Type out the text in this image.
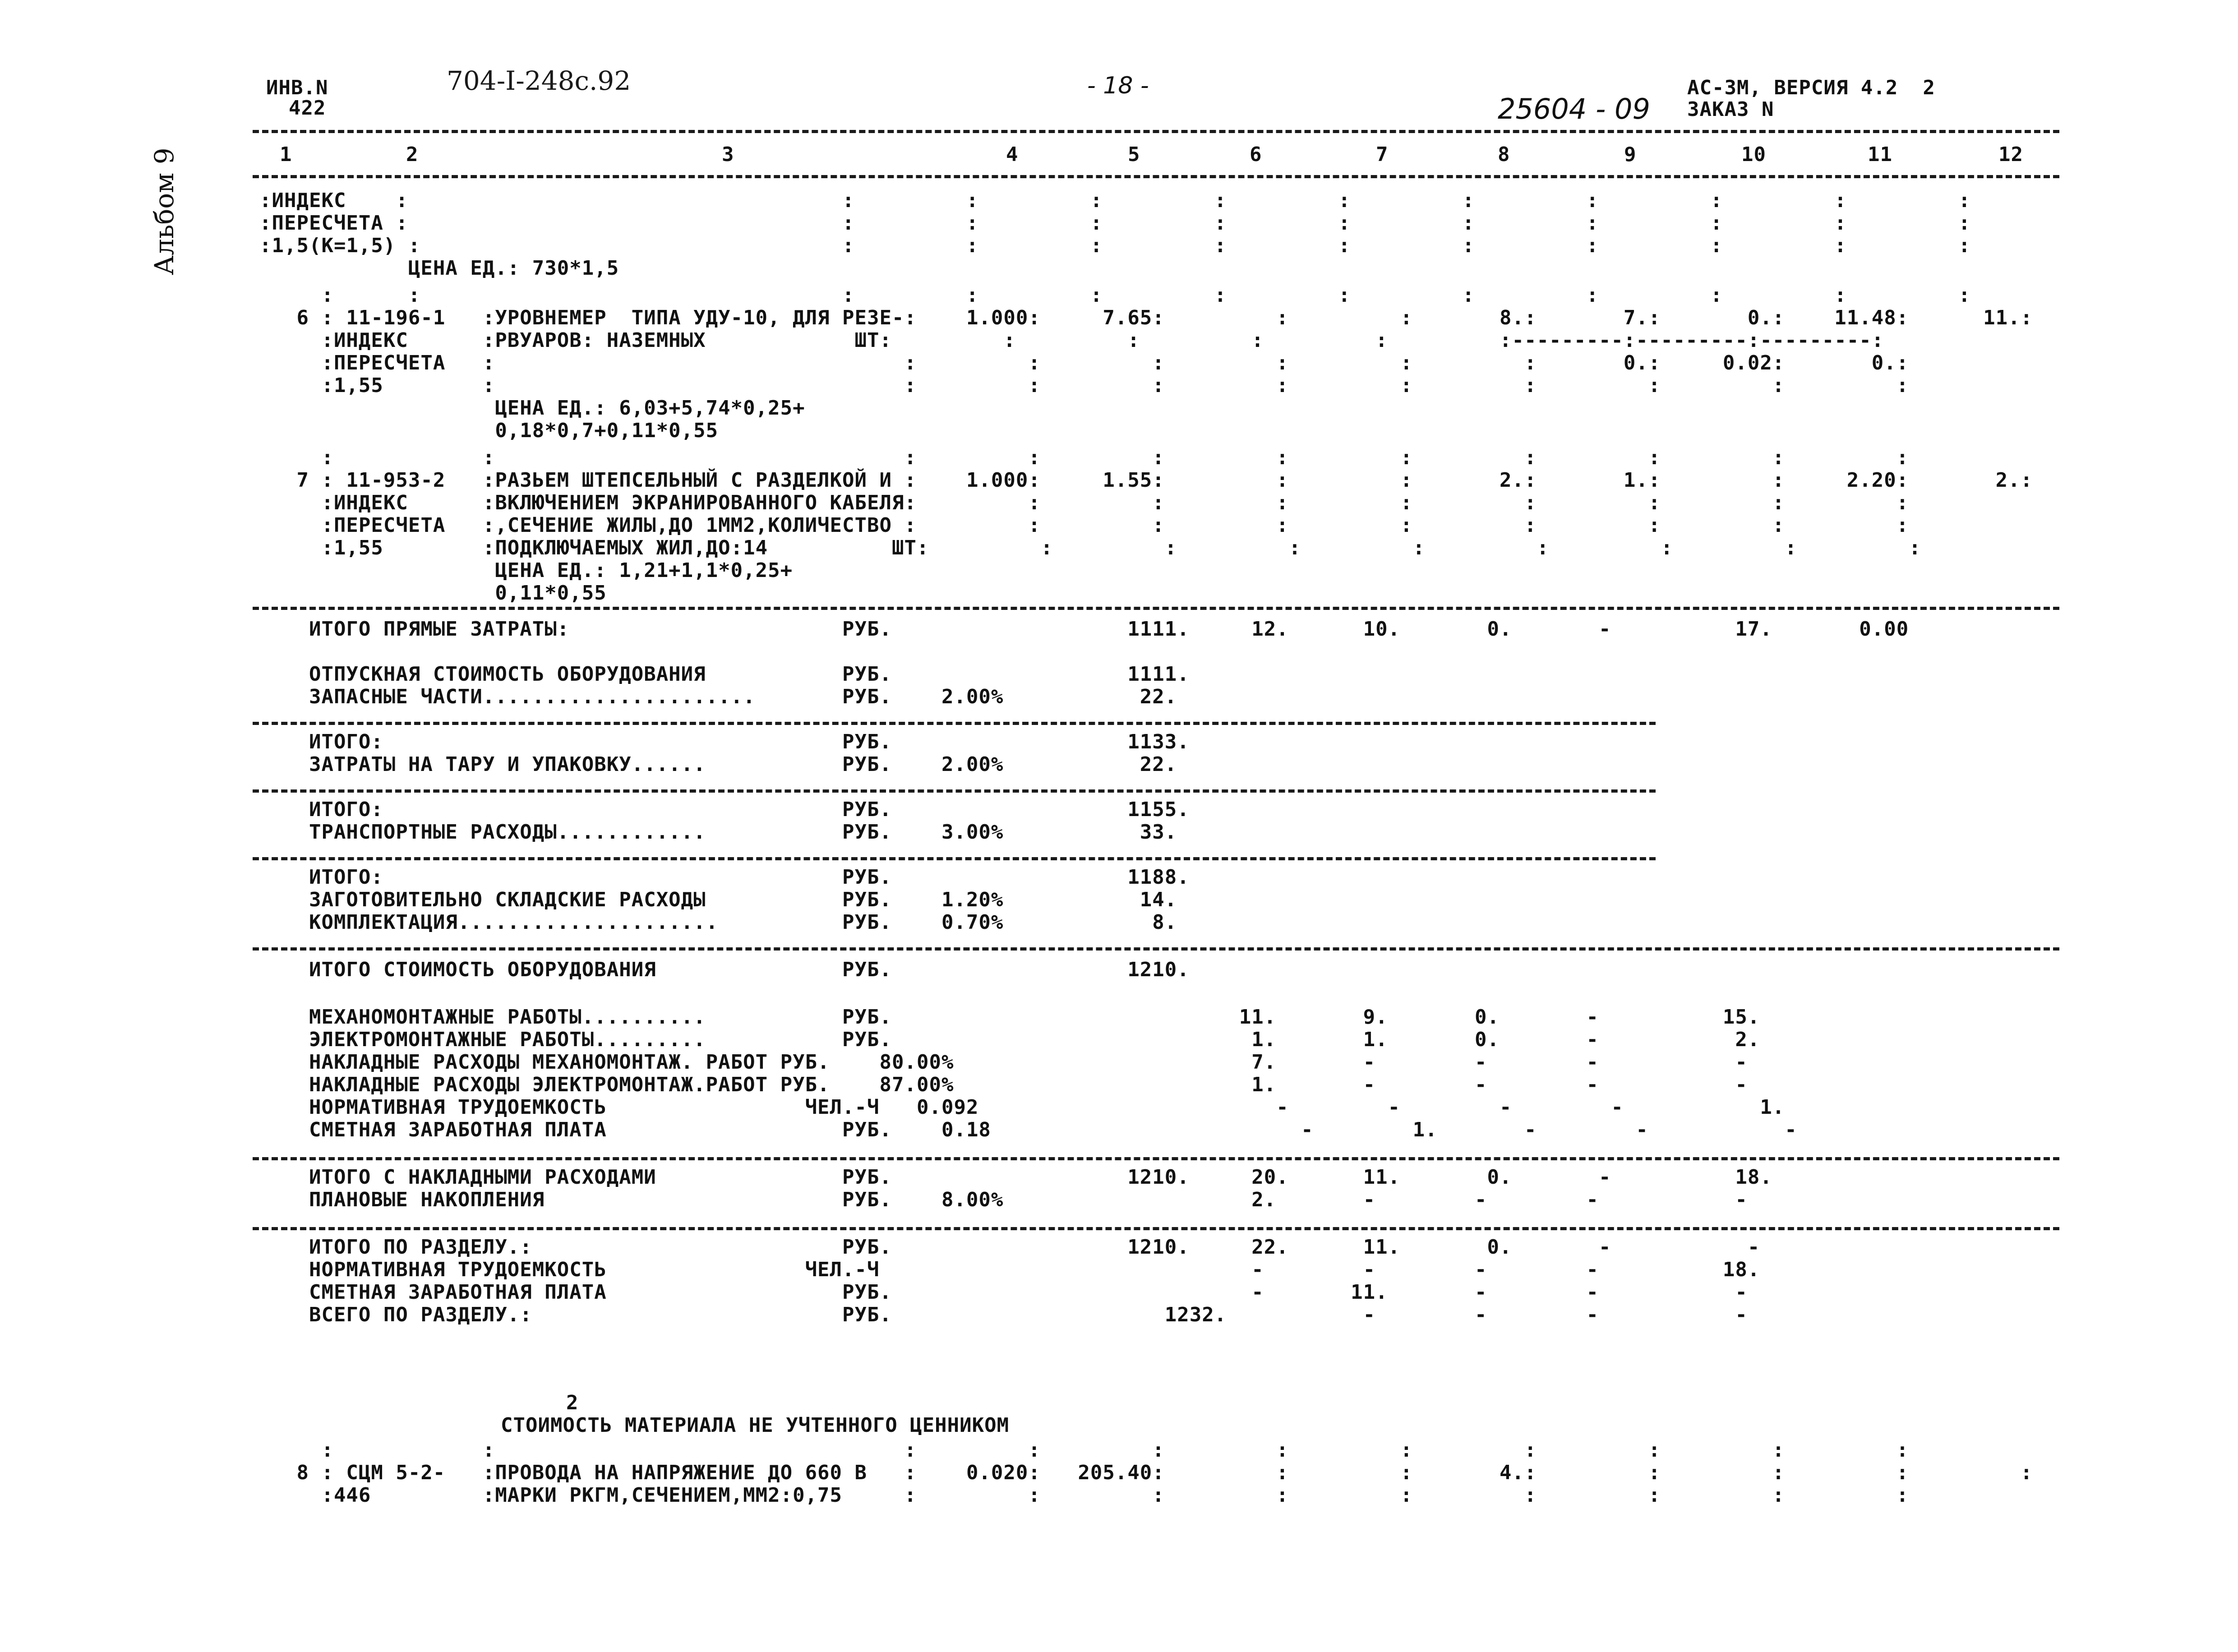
Альбом 9
ИНВ.N
422
704-I-248с.92	- 18 -	АС-3М, ВЕРСИЯ 4.2  2
25604 - 09 ЗАКАЗ N
1	2	3	4	5	6	7	8	9	10	11	12
:ИНДЕКС    :                                   :         :         :         :         :         :         :         :         :         :
:ПЕРЕСЧЕТА :                                   :         :         :         :         :         :         :         :         :         :
:1,5(К=1,5) :                                  :         :         :         :         :         :         :         :         :         :
ЦЕНА ЕД.: 730*1,5
:      :                                  :         :         :         :         :         :         :         :         :         :
6 : 11-196-1   :УРОВНЕМЕР  ТИПА УДУ-10, ДЛЯ РЕЗЕ-:    1.000:     7.65:         :         :       8.:       7.:       0.:    11.48:      11.:
:ИНДЕКС      :РВУАРОВ: НАЗЕМНЫХ            ШТ:         :         :         :         :         :---------:---------:---------:
:ПЕРЕСЧЕТА   :                                 :         :         :         :         :         :       0.:     0.02:       0.:
:1,55        :                                 :         :         :         :         :         :         :         :         :
ЦЕНА ЕД.: 6,03+5,74*0,25+
0,18*0,7+0,11*0,55
:            :                                 :         :         :         :         :         :         :         :         :
7 : 11-953-2   :РАЗЬЕМ ШТЕПСЕЛЬНЫЙ С РАЗДЕЛКОЙ И :    1.000:     1.55:         :         :       2.:       1.:         :     2.20:       2.:
:ИНДЕКС      :ВКЛЮЧЕНИЕМ ЭКРАНИРОВАННОГО КАБЕЛЯ:         :         :         :         :         :         :         :         :
:ПЕРЕСЧЕТА   :,СЕЧЕНИЕ ЖИЛЫ,ДО 1ММ2,КОЛИЧЕСТВО :         :         :         :         :         :         :         :         :
:1,55        :ПОДКЛЮЧАЕМЫХ ЖИЛ,ДО:14          ШТ:         :         :         :         :         :         :         :         :
ЦЕНА ЕД.: 1,21+1,1*0,25+
0,11*0,55
ИТОГО ПРЯМЫЕ ЗАТРАТЫ:                      РУБ.                   1111.     12.      10.       0.       -          17.       0.00
ОТПУСКНАЯ СТОИМОСТЬ ОБОРУДОВАНИЯ           РУБ.                   1111.
ЗАПАСНЫЕ ЧАСТИ......................       РУБ.    2.00%           22.
ИТОГО:                                     РУБ.                   1133.
ЗАТРАТЫ НА ТАРУ И УПАКОВКУ......           РУБ.    2.00%           22.
ИТОГО:                                     РУБ.                   1155.
ТРАНСПОРТНЫЕ РАСХОДЫ............           РУБ.    3.00%           33.
ИТОГО:                                     РУБ.                   1188.
ЗАГОТОВИТЕЛЬНО СКЛАДСКИЕ РАСХОДЫ           РУБ.    1.20%           14.
КОМПЛЕКТАЦИЯ.....................          РУБ.    0.70%            8.
ИТОГО СТОИМОСТЬ ОБОРУДОВАНИЯ               РУБ.                   1210.
МЕХАНОМОНТАЖНЫЕ РАБОТЫ..........           РУБ.                            11.       9.       0.       -          15.
ЭЛЕКТРОМОНТАЖНЫЕ РАБОТЫ.........           РУБ.                             1.       1.       0.       -           2.
НАКЛАДНЫЕ РАСХОДЫ МЕХАНОМОНТАЖ. РАБОТ РУБ.    80.00%                        7.       -        -        -           -
НАКЛАДНЫЕ РАСХОДЫ ЭЛЕКТРОМОНТАЖ.РАБОТ РУБ.    87.00%                        1.       -        -        -           -
НОРМАТИВНАЯ ТРУДОЕМКОСТЬ                ЧЕЛ.-Ч   0.092                        -        -        -        -           1.
СМЕТНАЯ ЗАРАБОТНАЯ ПЛАТА                   РУБ.    0.18                         -        1.       -        -           -
ИТОГО С НАКЛАДНЫМИ РАСХОДАМИ               РУБ.                   1210.     20.      11.       0.       -          18.
ПЛАНОВЫЕ НАКОПЛЕНИЯ                        РУБ.    8.00%                    2.       -        -        -           -
ИТОГО ПО РАЗДЕЛУ.:                         РУБ.                   1210.     22.      11.       0.       -           -
НОРМАТИВНАЯ ТРУДОЕМКОСТЬ                ЧЕЛ.-Ч                              -        -        -        -          18.
СМЕТНАЯ ЗАРАБОТНАЯ ПЛАТА                   РУБ.                             -       11.       -        -           -
ВСЕГО ПО РАЗДЕЛУ.:                         РУБ.                      1232.           -        -        -           -
2
СТОИМОСТЬ МАТЕРИАЛА НЕ УЧТЕННОГО ЦЕННИКОМ
:            :                                 :         :         :         :         :         :         :         :         :
8 : СЦМ 5-2-   :ПРОВОДА НА НАПРЯЖЕНИЕ ДО 660 В   :    0.020:   205.40:         :         :       4.:         :         :         :         :
:446         :МАРКИ РКГМ,СЕЧЕНИЕМ,ММ2:0,75     :         :         :         :         :         :         :         :         :
